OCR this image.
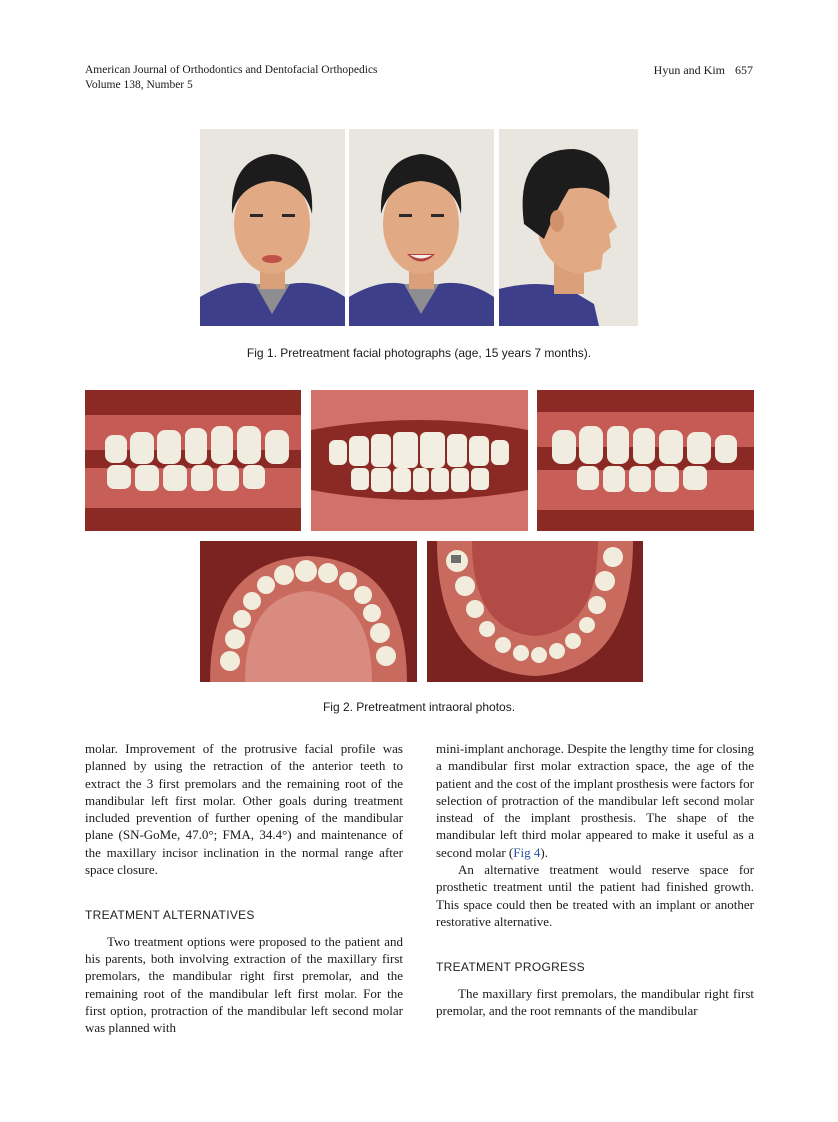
American Journal of Orthodontics and Dentofacial Orthopedics
Volume 138, Number 5
Hyun and Kim 657
Fig 1. Pretreatment facial photographs (age, 15 years 7 months).
Fig 2. Pretreatment intraoral photos.

molar. Improvement of the protrusive facial profile was planned by using the retraction of the anterior teeth to extract the 3 first premolars and the remaining root of the mandibular left first molar. Other goals during treatment included prevention of further opening of the mandibular plane (SN-GoMe, 47.0°; FMA, 34.4°) and maintenance of the maxillary incisor inclination in the normal range after space closure.

TREATMENT ALTERNATIVES

Two treatment options were proposed to the patient and his parents, both involving extraction of the maxillary first premolars, the mandibular right first premolar, and the remaining root of the mandibular left first molar. For the first option, protraction of the mandibular left second molar was planned with

mini-implant anchorage. Despite the lengthy time for closing a mandibular first molar extraction space, the age of the patient and the cost of the implant prosthesis were factors for selection of protraction of the mandibular left second molar instead of the implant prosthesis. The shape of the mandibular left third molar appeared to make it useful as a second molar (Fig 4).

An alternative treatment would reserve space for prosthetic treatment until the patient had finished growth. This space could then be treated with an implant or another restorative alternative.

TREATMENT PROGRESS

The maxillary first premolars, the mandibular right first premolar, and the root remnants of the mandibular
